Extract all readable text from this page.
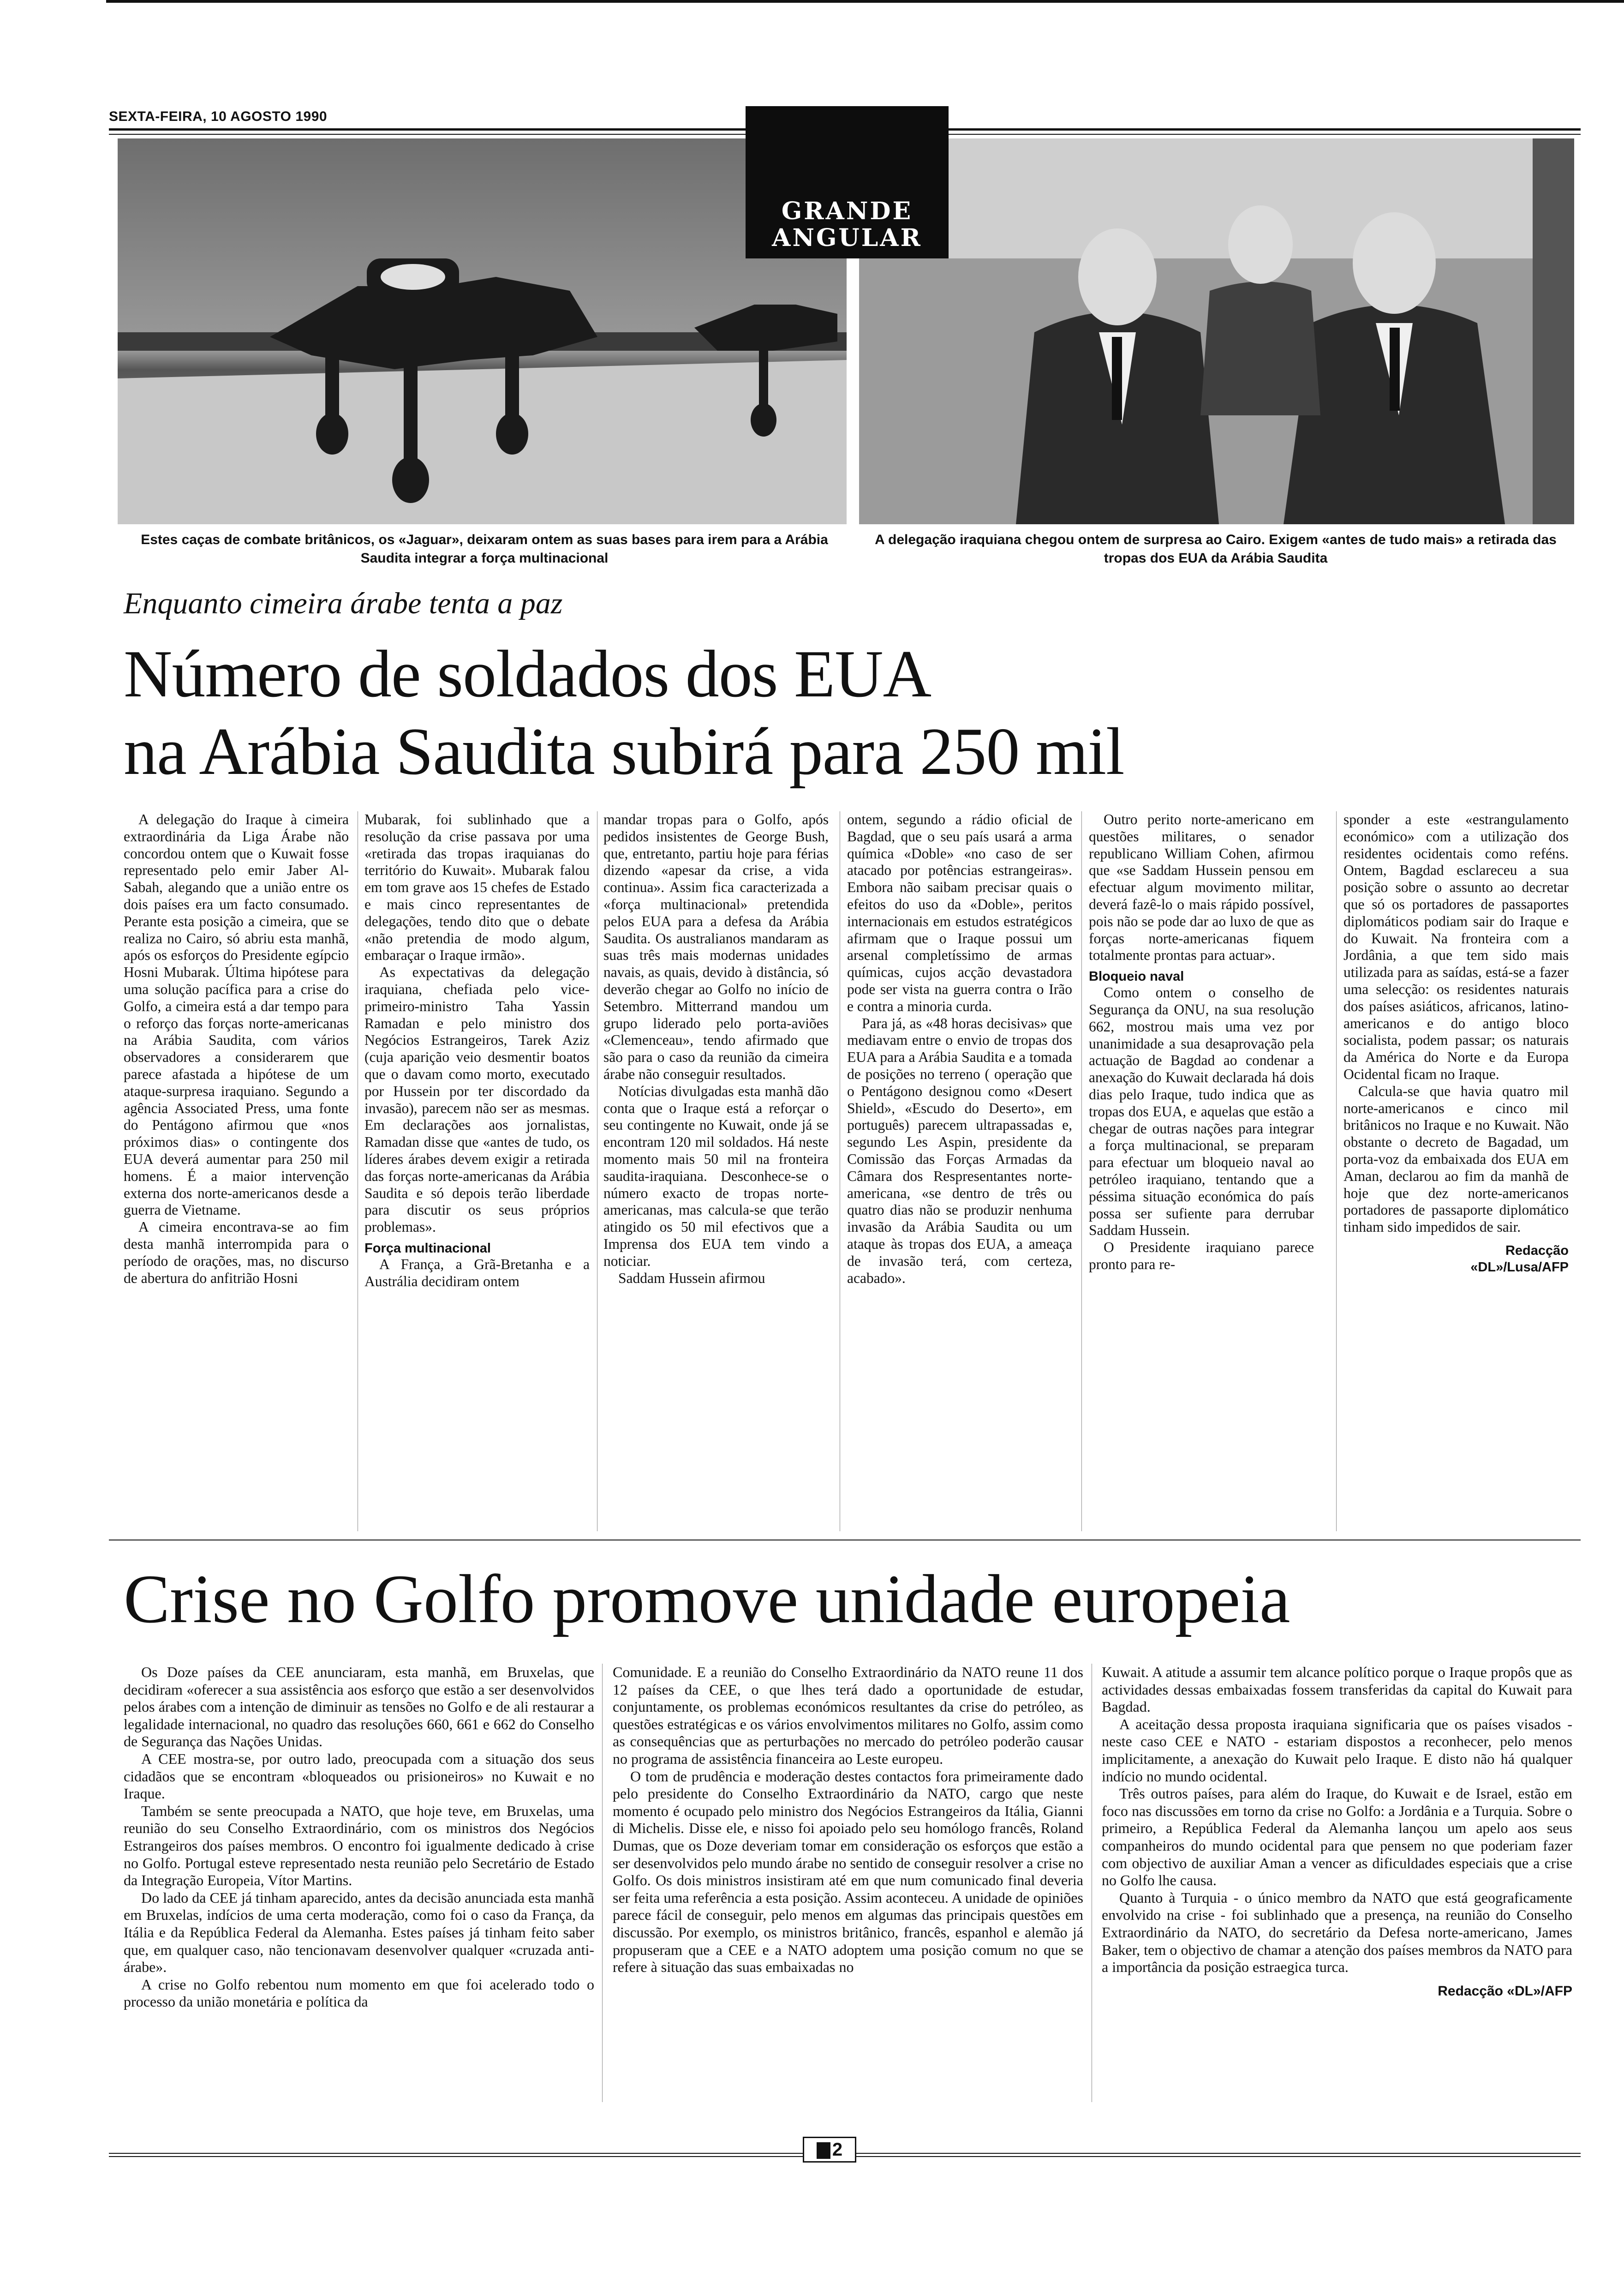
SEXTA-FEIRA, 10 AGOSTO 1990
GRANDE
ANGULAR
Estes caças de combate britânicos, os «Jaguar», deixaram ontem as suas bases para irem para a Arábia Saudita integrar a força multinacional
A delegação iraquiana chegou ontem de surpresa ao Cairo. Exigem «antes de tudo mais» a retirada das tropas dos EUA da Arábia Saudita
Enquanto cimeira árabe tenta a paz
Número de soldados dos EUA
na Arábia Saudita subirá para 250 mil

A delegação do Iraque à cimeira extraordinária da Liga Árabe não concordou ontem que o Kuwait fosse representado pelo emir Jaber Al-Sabah, alegando que a união entre os dois países era um facto consumado. Perante esta posição a cimeira, que se realiza no Cairo, só abriu esta manhã, após os esforços do Presidente egípcio Hosni Mubarak. Última hipótese para uma solução pacífica para a crise do Golfo, a cimeira está a dar tempo para o reforço das forças norte-americanas na Arábia Saudita, com vários observadores a considerarem que parece afastada a hipótese de um ataque-surpresa iraquiano. Segundo a agência Associated Press, uma fonte do Pentágono afirmou que «nos próximos dias» o contingente dos EUA deverá aumentar para 250 mil homens. É a maior intervenção externa dos norte-americanos desde a guerra de Vietname.

A cimeira encontrava-se ao fim desta manhã interrompida para o período de orações, mas, no discurso de abertura do anfitrião Hosni

Mubarak, foi sublinhado que a resolução da crise passava por uma «retirada das tropas iraquianas do território do Kuwait». Mubarak falou em tom grave aos 15 chefes de Estado e mais cinco representantes de delegações, tendo dito que o debate «não pretendia de modo algum, embaraçar o Iraque irmão».

As expectativas da delegação iraquiana, chefiada pelo vice-primeiro-ministro Taha Yassin Ramadan e pelo ministro dos Negócios Estrangeiros, Tarek Aziz (cuja aparição veio desmentir boatos que o davam como morto, executado por Hussein por ter discordado da invasão), parecem não ser as mesmas. Em declarações aos jornalistas, Ramadan disse que «antes de tudo, os líderes árabes devem exigir a retirada das forças norte-americanas da Arábia Saudita e só depois terão liberdade para discutir os seus próprios problemas».

Força multinacional

A França, a Grã-Bretanha e a Austrália decidiram ontem

mandar tropas para o Golfo, após pedidos insistentes de George Bush, que, entretanto, partiu hoje para férias dizendo «apesar da crise, a vida continua». Assim fica caracterizada a «força multinacional» pretendida pelos EUA para a defesa da Arábia Saudita. Os australianos mandaram as suas três mais modernas unidades navais, as quais, devido à distância, só deverão chegar ao Golfo no início de Setembro. Mitterrand mandou um grupo liderado pelo porta-aviões «Clemenceau», tendo afirmado que são para o caso da reunião da cimeira árabe não conseguir resultados.

Notícias divulgadas esta manhã dão conta que o Iraque está a reforçar o seu contingente no Kuwait, onde já se encontram 120 mil soldados. Há neste momento mais 50 mil na fronteira saudita-iraquiana. Desconhece-se o número exacto de tropas norte-americanas, mas calcula-se que terão atingido os 50 mil efectivos que a Imprensa dos EUA tem vindo a noticiar.

Saddam Hussein afirmou

ontem, segundo a rádio oficial de Bagdad, que o seu país usará a arma química «Doble» «no caso de ser atacado por potências estrangeiras». Embora não saibam precisar quais o efeitos do uso da «Doble», peritos internacionais em estudos estratégicos afirmam que o Iraque possui um arsenal completíssimo de armas químicas, cujos acção devastadora pode ser vista na guerra contra o Irão e contra a minoria curda.

Para já, as «48 horas decisivas» que mediavam entre o envio de tropas dos EUA para a Arábia Saudita e a tomada de posições no terreno ( operação que o Pentágono designou como «Desert Shield», «Escudo do Deserto», em português) parecem ultrapassadas e, segundo Les Aspin, presidente da Comissão das Forças Armadas da Câmara dos Respresentantes norte-americana, «se dentro de três ou quatro dias não se produzir nenhuma invasão da Arábia Saudita ou um ataque às tropas dos EUA, a ameaça de invasão terá, com certeza, acabado».

Outro perito norte-americano em questões militares, o senador republicano William Cohen, afirmou que «se Saddam Hussein pensou em efectuar algum movimento militar, deverá fazê-lo o mais rápido possível, pois não se pode dar ao luxo de que as forças norte-americanas fiquem totalmente prontas para actuar».

Bloqueio naval

Como ontem o conselho de Segurança da ONU, na sua resolução 662, mostrou mais uma vez por unanimidade a sua desaprovação pela actuação de Bagdad ao condenar a anexação do Kuwait declarada há dois dias pelo Iraque, tudo indica que as tropas dos EUA, e aquelas que estão a chegar de outras nações para integrar a força multinacional, se preparam para efectuar um bloqueio naval ao petróleo iraquiano, tentando que a péssima situação económica do país possa ser sufiente para derrubar Saddam Hussein.

O Presidente iraquiano parece pronto para re-

sponder a este «estrangulamento económico» com a utilização dos residentes ocidentais como reféns. Ontem, Bagdad esclareceu a sua posição sobre o assunto ao decretar que só os portadores de passaportes diplomáticos podiam sair do Iraque e do Kuwait. Na fronteira com a Jordânia, a que tem sido mais utilizada para as saídas, está-se a fazer uma selecção: os residentes naturais dos países asiáticos, africanos, latino-americanos e do antigo bloco socialista, podem passar; os naturais da América do Norte e da Europa Ocidental ficam no Iraque.

Calcula-se que havia quatro mil norte-americanos e cinco mil britânicos no Iraque e no Kuwait. Não obstante o decreto de Bagadad, um porta-voz da embaixada dos EUA em Aman, declarou ao fim da manhã de hoje que dez norte-americanos portadores de passaporte diplomático tinham sido impedidos de sair.

Redacção

«DL»/Lusa/AFP

Crise no Golfo promove unidade europeia

Os Doze países da CEE anunciaram, esta manhã, em Bruxelas, que decidiram «oferecer a sua assistência aos esforço que estão a ser desenvolvidos pelos árabes com a intenção de diminuir as tensões no Golfo e de ali restaurar a legalidade internacional, no quadro das resoluções 660, 661 e 662 do Conselho de Segurança das Nações Unidas.

A CEE mostra-se, por outro lado, preocupada com a situação dos seus cidadãos que se encontram «bloqueados ou prisioneiros» no Kuwait e no Iraque.

Também se sente preocupada a NATO, que hoje teve, em Bruxelas, uma reunião do seu Conselho Extraordinário, com os ministros dos Negócios Estrangeiros dos países membros. O encontro foi igualmente dedicado à crise no Golfo. Portugal esteve representado nesta reunião pelo Secretário de Estado da Integração Europeia, Vítor Martins.

Do lado da CEE já tinham aparecido, antes da decisão anunciada esta manhã em Bruxelas, indícios de uma certa moderação, como foi o caso da França, da Itália e da República Federal da Alemanha. Estes países já tinham feito saber que, em qualquer caso, não tencionavam desenvolver qualquer «cruzada anti-árabe».

A crise no Golfo rebentou num momento em que foi acelerado todo o processo da união monetária e política da

Comunidade. E a reunião do Conselho Extraordinário da NATO reune 11 dos 12 países da CEE, o que lhes terá dado a oportunidade de estudar, conjuntamente, os problemas económicos resultantes da crise do petróleo, as questões estratégicas e os vários envolvimentos militares no Golfo, assim como as consequências que as perturbações no mercado do petróleo poderão causar no programa de assistência financeira ao Leste europeu.

O tom de prudência e moderação destes contactos fora primeiramente dado pelo presidente do Conselho Extraordinário da NATO, cargo que neste momento é ocupado pelo ministro dos Negócios Estrangeiros da Itália, Gianni di Michelis. Disse ele, e nisso foi apoiado pelo seu homólogo francês, Roland Dumas, que os Doze deveriam tomar em consideração os esforços que estão a ser desenvolvidos pelo mundo árabe no sentido de conseguir resolver a crise no Golfo. Os dois ministros insistiram até em que num comunicado final deveria ser feita uma referência a esta posição. Assim aconteceu. A unidade de opiniões parece fácil de conseguir, pelo menos em algumas das principais questões em discussão. Por exemplo, os ministros britânico, francês, espanhol e alemão já propuseram que a CEE e a NATO adoptem uma posição comum no que se refere à situação das suas embaixadas no

Kuwait. A atitude a assumir tem alcance político porque o Iraque propôs que as actividades dessas embaixadas fossem transferidas da capital do Kuwait para Bagdad.

A aceitação dessa proposta iraquiana significaria que os países visados - neste caso CEE e NATO - estariam dispostos a reconhecer, pelo menos implicitamente, a anexação do Kuwait pelo Iraque. E disto não há qualquer indício no mundo ocidental.

Três outros países, para além do Iraque, do Kuwait e de Israel, estão em foco nas discussões em torno da crise no Golfo: a Jordânia e a Turquia. Sobre o primeiro, a República Federal da Alemanha lançou um apelo aos seus companheiros do mundo ocidental para que pensem no que poderiam fazer com objectivo de auxiliar Aman a vencer as dificuldades especiais que a crise no Golfo lhe causa.

Quanto à Turquia - o único membro da NATO que está geograficamente envolvido na crise - foi sublinhado que a presença, na reunião do Conselho Extraordinário da NATO, do secretário da Defesa norte-americano, James Baker, tem o objectivo de chamar a atenção dos países membros da NATO para a importância da posição estraegica turca.

Redacção «DL»/AFP

2
